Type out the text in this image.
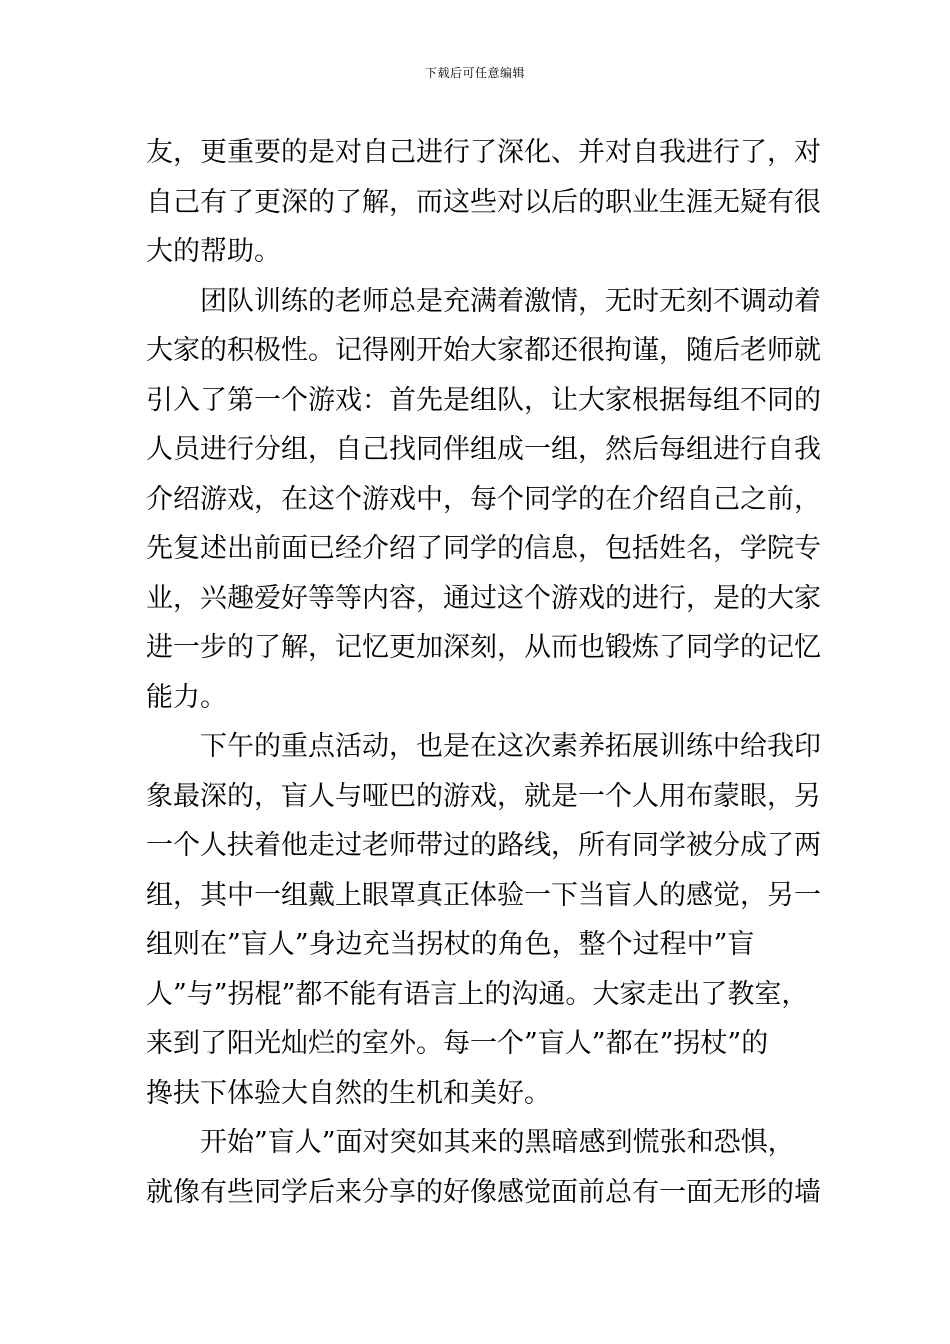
下载后可任意编辑
友，更重要的是对自己进行了深化、并对自我进行了，对
自己有了更深的了解，而这些对以后的职业生涯无疑有很
大的帮助。
团队训练的老师总是充满着激情，无时无刻不调动着
大家的积极性。记得刚开始大家都还很拘谨，随后老师就
引入了第一个游戏：首先是组队，让大家根据每组不同的
人员进行分组，自己找同伴组成一组，然后每组进行自我
介绍游戏，在这个游戏中，每个同学的在介绍自己之前，
先复述出前面已经介绍了同学的信息，包括姓名，学院专
业，兴趣爱好等等内容，通过这个游戏的进行，是的大家
进一步的了解，记忆更加深刻，从而也锻炼了同学的记忆
能力。
下午的重点活动，也是在这次素养拓展训练中给我印
象最深的，盲人与哑巴的游戏，就是一个人用布蒙眼，另
一个人扶着他走过老师带过的路线，所有同学被分成了两
组，其中一组戴上眼罩真正体验一下当盲人的感觉，另一
组则在”盲人”身边充当拐杖的角色，整个过程中”盲
人”与”拐棍”都不能有语言上的沟通。大家走出了教室，
来到了阳光灿烂的室外。每一个”盲人”都在”拐杖”的
搀扶下体验大自然的生机和美好。
开始”盲人”面对突如其来的黑暗感到慌张和恐惧，
就像有些同学后来分享的好像感觉面前总有一面无形的墙
